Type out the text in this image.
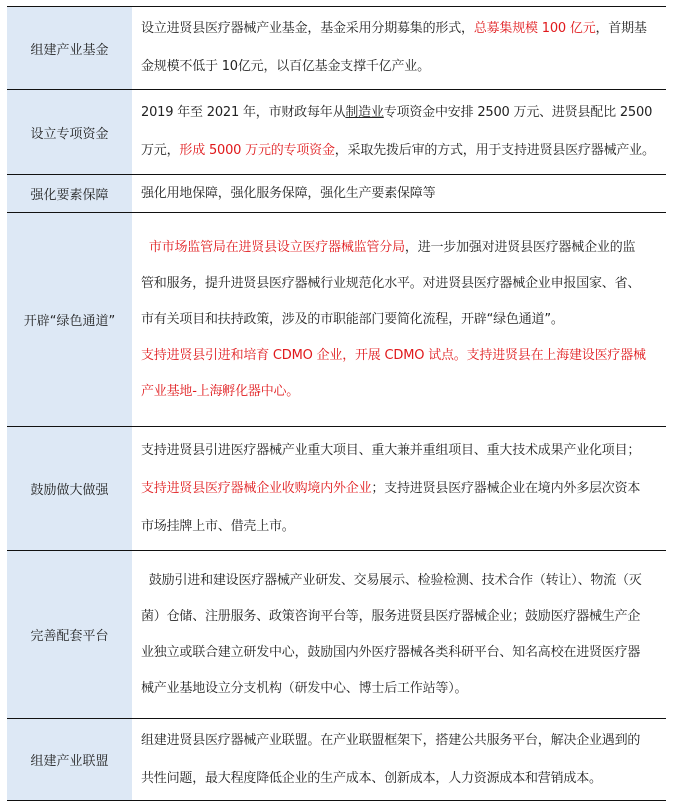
组建产业基金
设立进贤县医疗器械产业基金，基金采用分期募集的形式，总募集规模 100 亿元，首期基
金规模不低于 10亿元，以百亿基金支撑千亿产业。
设立专项资金
2019 年至 2021 年，市财政每年从制造业专项资金中安排 2500 万元、进贤县配比 2500
万元，形成 5000 万元的专项资金，采取先拨后审的方式，用于支持进贤县医疗器械产业。
强化要素保障	强化用地保障，强化服务保障，强化生产要素保障等
开辟“绿色通道”
市市场监管局在进贤县设立医疗器械监管分局，进一步加强对进贤县医疗器械企业的监
管和服务，提升进贤县医疗器械行业规范化水平。对进贤县医疗器械企业申报国家、省、
市有关项目和扶持政策，涉及的市职能部门要简化流程，开辟“绿色通道”。
支持进贤县引进和培育 CDMO 企业，开展 CDMO 试点。支持进贤县在上海建设医疗器械
产业基地-上海孵化器中心。
鼓励做大做强
支持进贤县引进医疗器械产业重大项目、重大兼并重组项目、重大技术成果产业化项目；
支持进贤县医疗器械企业收购境内外企业；支持进贤县医疗器械企业在境内外多层次资本
市场挂牌上市、借壳上市。
完善配套平台
鼓励引进和建设医疗器械产业研发、交易展示、检验检测、技术合作（转让）、物流（灭
菌）仓储、注册服务、政策咨询平台等，服务进贤县医疗器械企业；鼓励医疗器械生产企
业独立或联合建立研发中心，鼓励国内外医疗器械各类科研平台、知名高校在进贤医疗器
械产业基地设立分支机构（研发中心、博士后工作站等）。
组建产业联盟
组建进贤县医疗器械产业联盟。在产业联盟框架下，搭建公共服务平台，解决企业遇到的
共性问题，最大程度降低企业的生产成本、创新成本，人力资源成本和营销成本。
